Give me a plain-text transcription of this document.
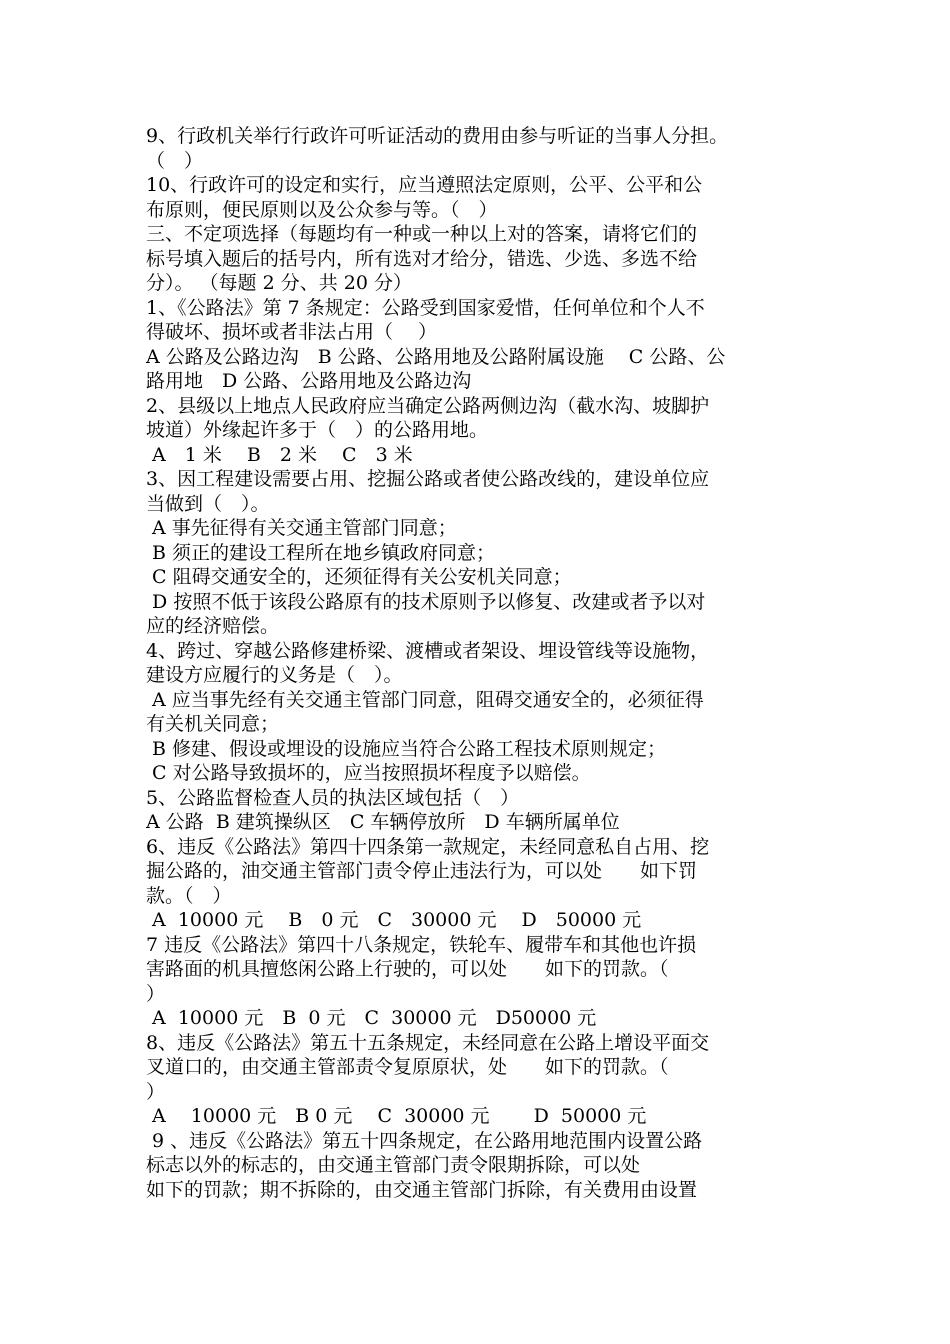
9、行政机关举行行政许可听证活动的费用由参与听证的当事人分担。
（　）
10、行政许可的设定和实行，应当遵照法定原则，公平、公平和公
布原则，便民原则以及公众参与等。（　）
三、不定项选择（每题均有一种或一种以上对的答案，请将它们的
标号填入题后的括号内，所有选对才给分，错选、少选、多选不给
分）。 （每题 2 分、共 20 分）
1、《公路法》第 7 条规定：公路受到国家爱惜，任何单位和个人不
得破坏、损坏或者非法占用（　 ）
A 公路及公路边沟　B 公路、公路用地及公路附属设施　 C 公路、公
路用地　D 公路、公路用地及公路边沟
2、县级以上地点人民政府应当确定公路两侧边沟（截水沟、坡脚护
坡道）外缘起许多于（　）的公路用地。
A　1 米　 B　2 米　 C　3 米
3、因工程建设需要占用、挖掘公路或者使公路改线的，建设单位应
当做到（　）。
A 事先征得有关交通主管部门同意；
B 须正的建设工程所在地乡镇政府同意；
C 阻碍交通安全的，还须征得有关公安机关同意；
D 按照不低于该段公路原有的技术原则予以修复、改建或者予以对
应的经济赔偿。
4、跨过、穿越公路修建桥梁、渡槽或者架设、埋设管线等设施物，
建设方应履行的义务是（　）。
A 应当事先经有关交通主管部门同意，阻碍交通安全的，必须征得
有关机关同意；
B 修建、假设或埋设的设施应当符合公路工程技术原则规定；
C 对公路导致损坏的，应当按照损坏程度予以赔偿。
5、公路监督检查人员的执法区域包括（　）
A 公路  B 建筑操纵区　C 车辆停放所　D 车辆所属单位
6、违反《公路法》第四十四条第一款规定，未经同意私自占用、挖
掘公路的，油交通主管部门责令停止违法行为，可以处　　如下罚
款。（　）
A  10000 元　 B　0 元　C　30000 元　 D　50000 元
7 违反《公路法》第四十八条规定，铁轮车、履带车和其他也许损
害路面的机具擅悠闲公路上行驶的，可以处　　如下的罚款。（
）
A  10000 元　B  0 元　C  30000 元　D50000 元
8、违反《公路法》第五十五条规定，未经同意在公路上增设平面交
叉道口的，由交通主管部责令复原原状，处　　如下的罚款。（
）
A　 10000 元　B 0 元　 C  30000 元　　 D  50000 元
9 、违反《公路法》第五十四条规定，在公路用地范围内设置公路
标志以外的标志的，由交通主管部门责令限期拆除，可以处
如下的罚款；期不拆除的，由交通主管部门拆除，有关费用由设置
